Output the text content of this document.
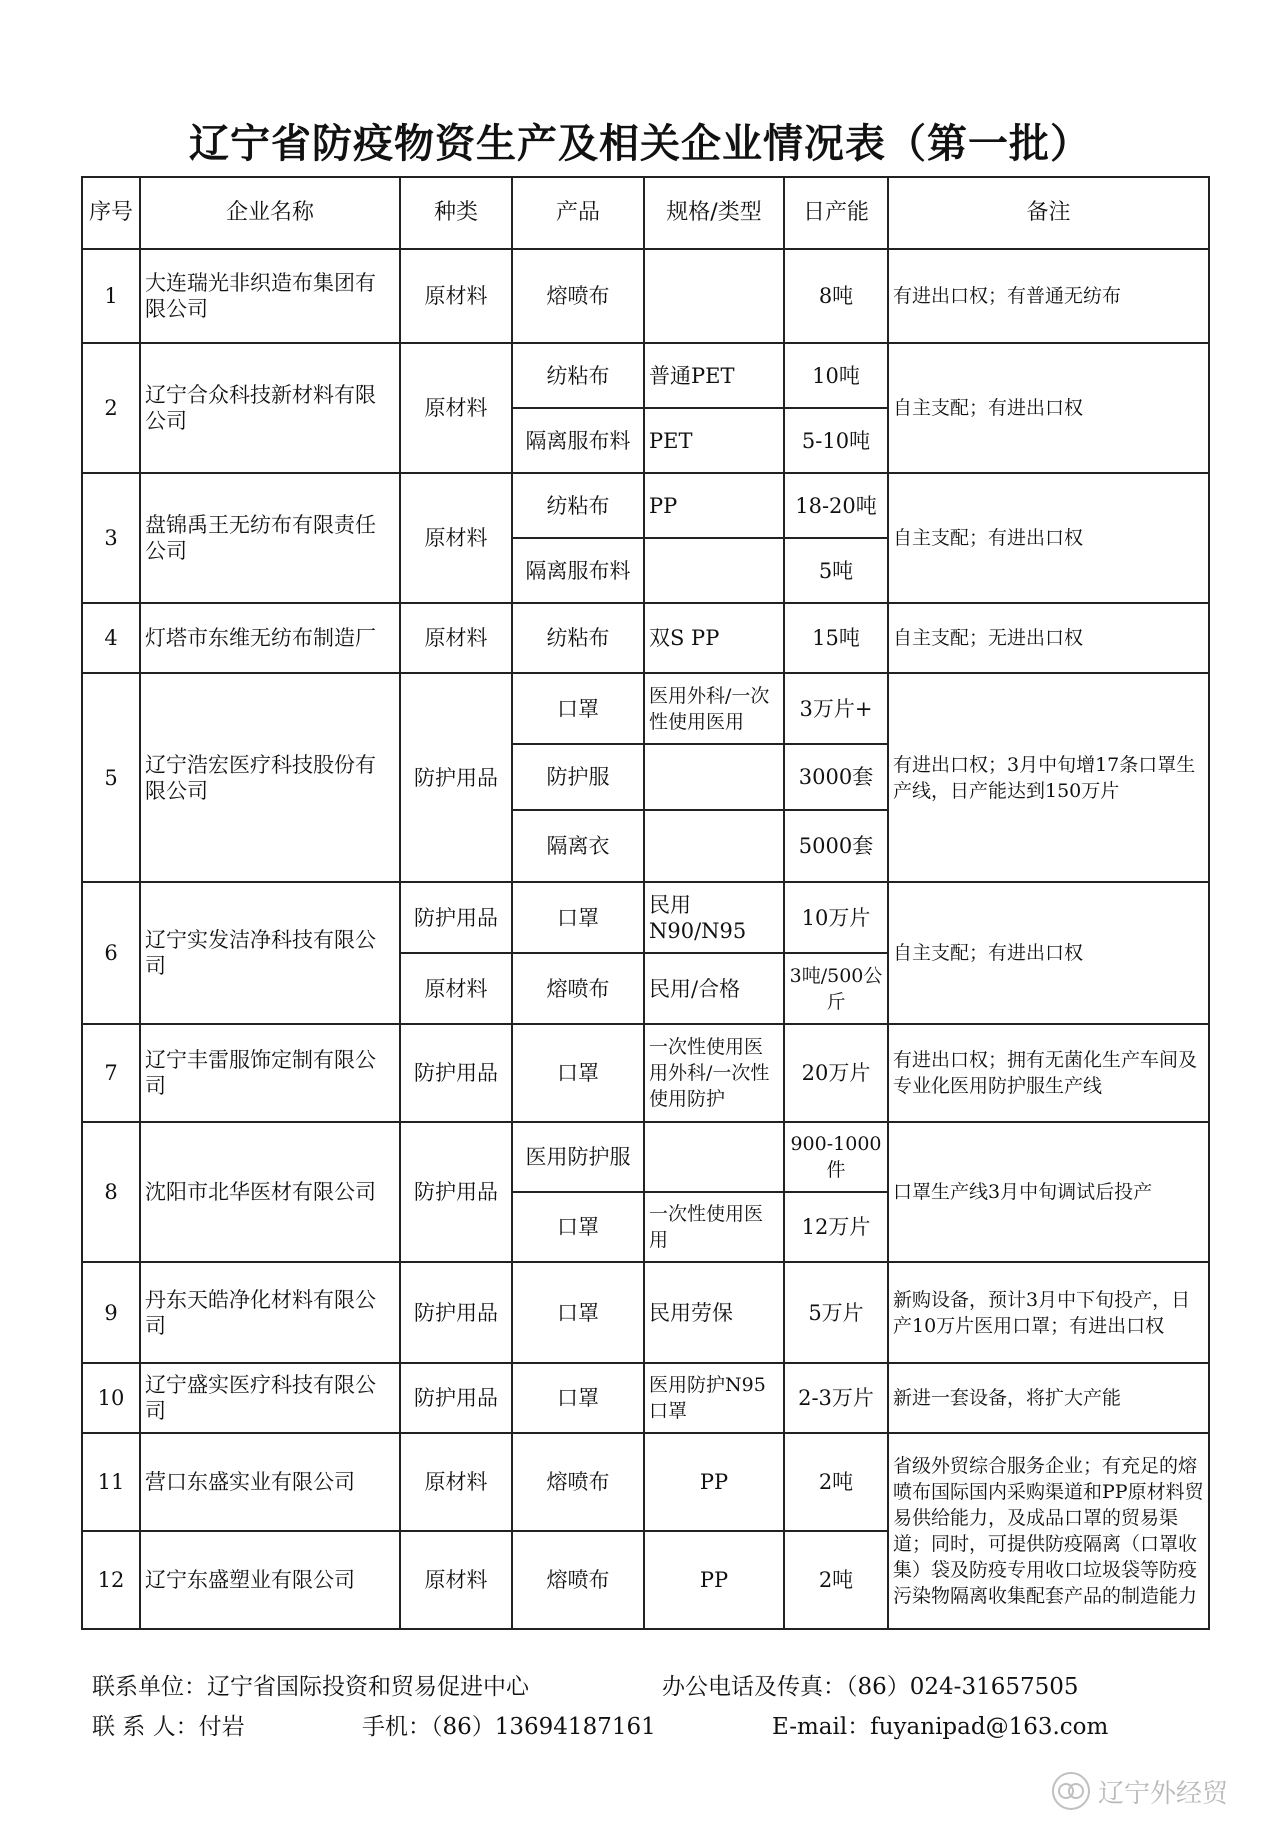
辽宁省防疫物资生产及相关企业情况表（第一批）
序号	企业名称	种类	产品	规格/类型	日产能	备注
1	大连瑞光非织造布集团有限公司	原材料	熔喷布		8吨	有进出口权；有普通无纺布
2	辽宁合众科技新材料有限公司	原材料	纺粘布	普通PET	10吨	自主支配；有进出口权
			隔离服布料	PET	5-10吨	
3	盘锦禹王无纺布有限责任公司	原材料	纺粘布	PP	18-20吨	自主支配；有进出口权
			隔离服布料		5吨	
4	灯塔市东维无纺布制造厂	原材料	纺粘布	双S PP	15吨	自主支配；无进出口权
5	辽宁浩宏医疗科技股份有限公司	防护用品	口罩	医用外科/一次性使用医用	3万片+	有进出口权；3月中旬增17条口罩生产线，日产能达到150万片
			防护服		3000套	
			隔离衣		5000套	
6	辽宁实发洁净科技有限公司	防护用品	口罩	民用N90/N95	10万片	自主支配；有进出口权
		原材料	熔喷布	民用/合格	3吨/500公斤	
7	辽宁丰雷服饰定制有限公司	防护用品	口罩	一次性使用医用外科/一次性使用防护	20万片	有进出口权；拥有无菌化生产车间及专业化医用防护服生产线
8	沈阳市北华医材有限公司	防护用品	医用防护服		900-1000件	口罩生产线3月中旬调试后投产
			口罩	一次性使用医用	12万片	
9	丹东天皓净化材料有限公司	防护用品	口罩	民用劳保	5万片	新购设备，预计3月中下旬投产，日产10万片医用口罩；有进出口权
10	辽宁盛实医疗科技有限公司	防护用品	口罩	医用防护N95口罩	2-3万片	新进一套设备，将扩大产能
11	营口东盛实业有限公司	原材料	熔喷布	PP	2吨	省级外贸综合服务企业；有充足的熔喷布国际国内采购渠道和PP原材料贸易供给能力，及成品口罩的贸易渠道；同时，可提供防疫隔离（口罩收集）袋及防疫专用收口垃圾袋等防疫污染物隔离收集配套产品的制造能力
12	辽宁东盛塑业有限公司	原材料	熔喷布	PP	2吨	
联系单位：辽宁省国际投资和贸易促进中心	办公电话及传真：（86）024-31657505
联 系 人：付岩	手机：（86）13694187161	E-mail：fuyanipad@163.com
辽宁外经贸
